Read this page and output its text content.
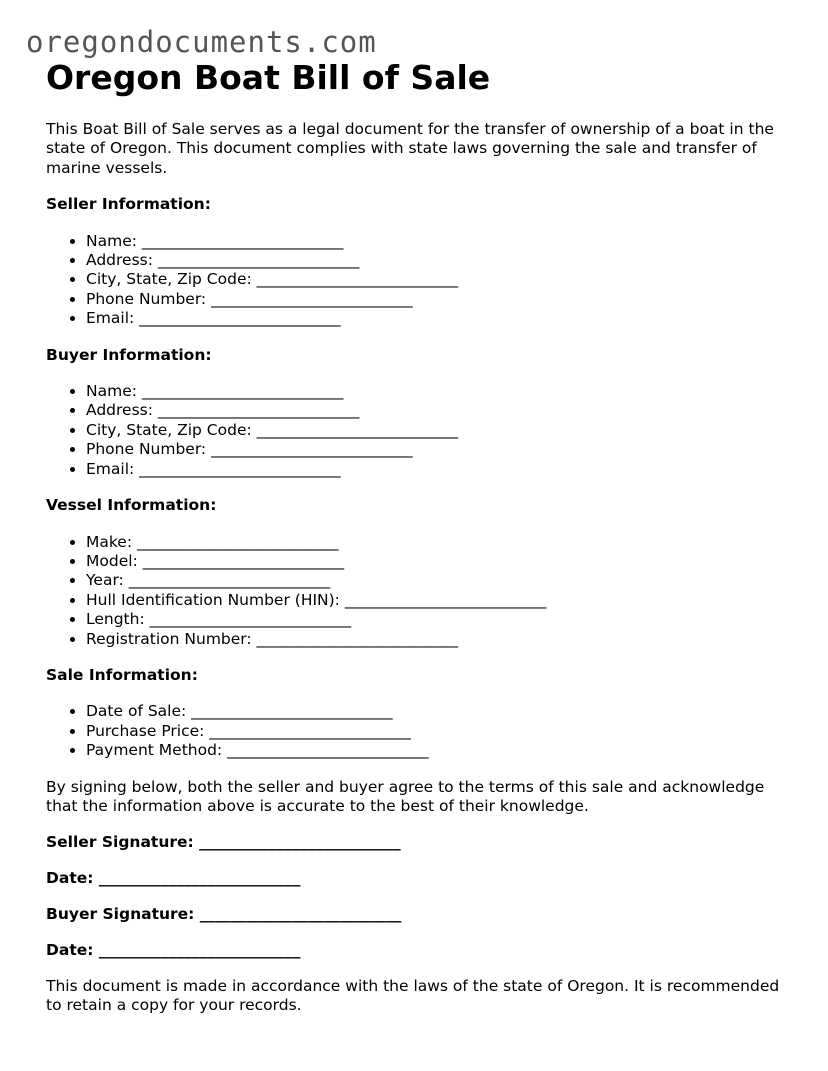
oregondocuments.com
Oregon Boat Bill of Sale

This Boat Bill of Sale serves as a legal document for the transfer of ownership of a boat in the state of Oregon. This document complies with state laws governing the sale and transfer of marine vessels.

Seller Information:

• Name: __________________________
• Address: __________________________
• City, State, Zip Code: __________________________
• Phone Number: __________________________
• Email: __________________________

Buyer Information:

• Name: __________________________
• Address: __________________________
• City, State, Zip Code: __________________________
• Phone Number: __________________________
• Email: __________________________

Vessel Information:

• Make: __________________________
• Model: __________________________
• Year: __________________________
• Hull Identification Number (HIN): __________________________
• Length: __________________________
• Registration Number: __________________________

Sale Information:

• Date of Sale: __________________________
• Purchase Price: __________________________
• Payment Method: __________________________

By signing below, both the seller and buyer agree to the terms of this sale and acknowledge that the information above is accurate to the best of their knowledge.

Seller Signature: __________________________

Date: __________________________

Buyer Signature: __________________________

Date: __________________________

This document is made in accordance with the laws of the state of Oregon. It is recommended to retain a copy for your records.
